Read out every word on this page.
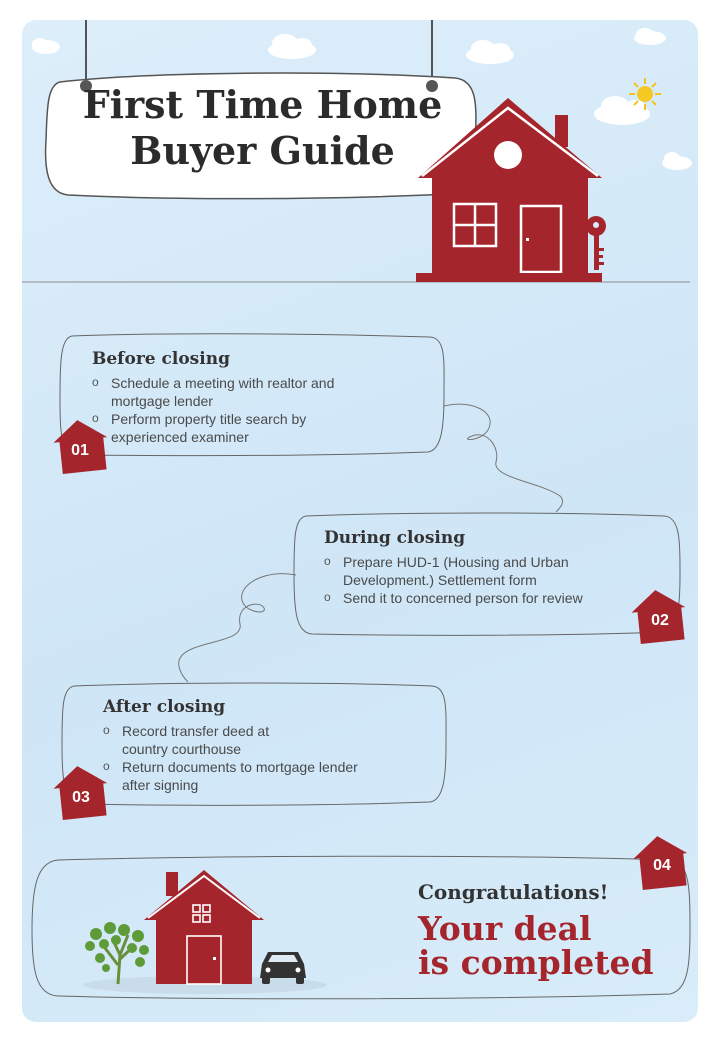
01
02
03
04
First Time Home
Buyer Guide
Before closing
o Schedule a meeting with realtor and mortgage lender
o Perform property title search by experienced examiner
During closing
o Prepare HUD-1 (Housing and Urban Development.) Settlement form
o Send it to concerned person for review
After closing
o Record transfer deed at country courthouse
o Return documents to mortgage lender after signing
Congratulations!
Your deal
is completed
